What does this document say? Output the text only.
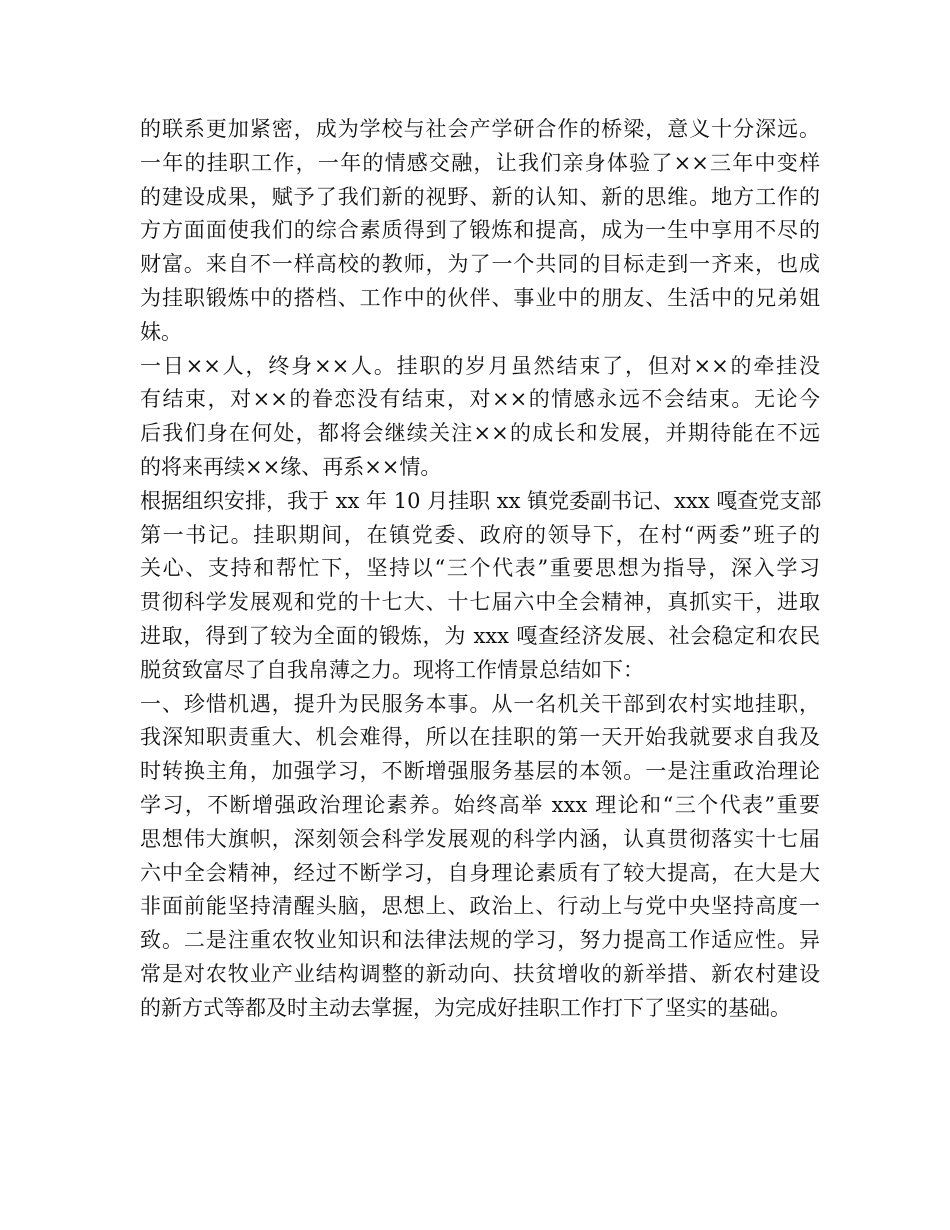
的联系更加紧密，成为学校与社会产学研合作的桥梁，意义十分深远。
一年的挂职工作，一年的情感交融，让我们亲身体验了××三年中变样
的建设成果，赋予了我们新的视野、新的认知、新的思维。地方工作的
方方面面使我们的综合素质得到了锻炼和提高，成为一生中享用不尽的
财富。来自不一样高校的教师，为了一个共同的目标走到一齐来，也成
为挂职锻炼中的搭档、工作中的伙伴、事业中的朋友、生活中的兄弟姐
妹。
一日××人，终身××人。挂职的岁月虽然结束了，但对××的牵挂没
有结束，对××的眷恋没有结束，对××的情感永远不会结束。无论今
后我们身在何处，都将会继续关注××的成长和发展，并期待能在不远
的将来再续××缘、再系××情。
根据组织安排，我于 xx 年 10 月挂职 xx 镇党委副书记、xxx 嘎查党支部
第一书记。挂职期间，在镇党委、政府的领导下，在村“两委”班子的
关心、支持和帮忙下，坚持以“三个代表”重要思想为指导，深入学习
贯彻科学发展观和党的十七大、十七届六中全会精神，真抓实干，进取
进取，得到了较为全面的锻炼，为 xxx 嘎查经济发展、社会稳定和农民
脱贫致富尽了自我帛薄之力。现将工作情景总结如下：
一、珍惜机遇，提升为民服务本事。从一名机关干部到农村实地挂职，
我深知职责重大、机会难得，所以在挂职的第一天开始我就要求自我及
时转换主角，加强学习，不断增强服务基层的本领。一是注重政治理论
学习，不断增强政治理论素养。始终高举 xxx 理论和“三个代表”重要
思想伟大旗帜，深刻领会科学发展观的科学内涵，认真贯彻落实十七届
六中全会精神，经过不断学习，自身理论素质有了较大提高，在大是大
非面前能坚持清醒头脑，思想上、政治上、行动上与党中央坚持高度一
致。二是注重农牧业知识和法律法规的学习，努力提高工作适应性。异
常是对农牧业产业结构调整的新动向、扶贫增收的新举措、新农村建设
的新方式等都及时主动去掌握，为完成好挂职工作打下了坚实的基础。
